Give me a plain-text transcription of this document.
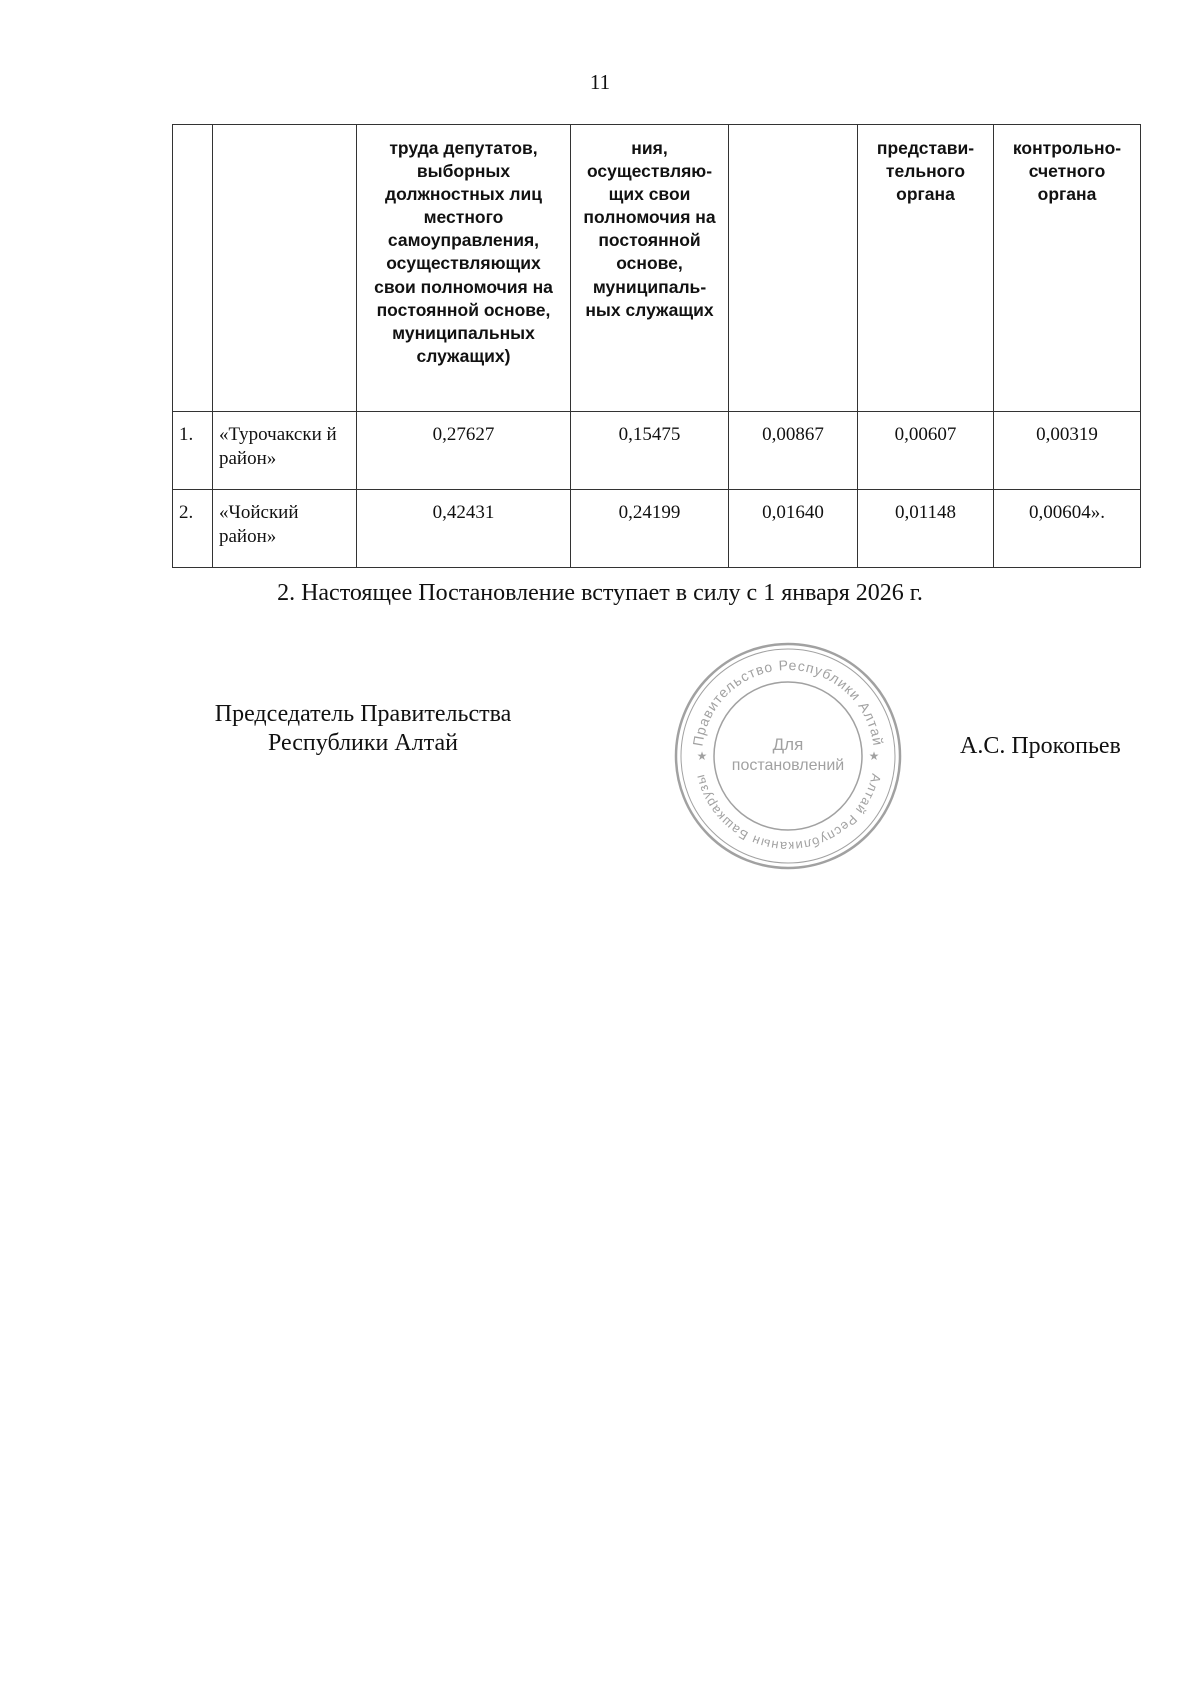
11
		труда депутатов, выборных должностных лиц местного самоуправления, осуществляющих свои полномочия на постоянной основе, муниципальных служащих)	ния, осуществляю-щих свои полномочия на постоянной основе, муниципаль-ных служащих		представи-тельного органа	контрольно-счетного органа
1.	«Турочакски й район»	0,27627	0,15475	0,00867	0,00607	0,00319
2.	«Чойский район»	0,42431	0,24199	0,01640	0,01148	0,00604».
2. Настоящее Постановление вступает в силу с 1 января 2026 г.
Председатель Правительства
Республики Алтай	Правительство Республики Алтай
Алтай Республиканын Башкарузы
★	★
Для
постановлений
А.С. Прокопьев
